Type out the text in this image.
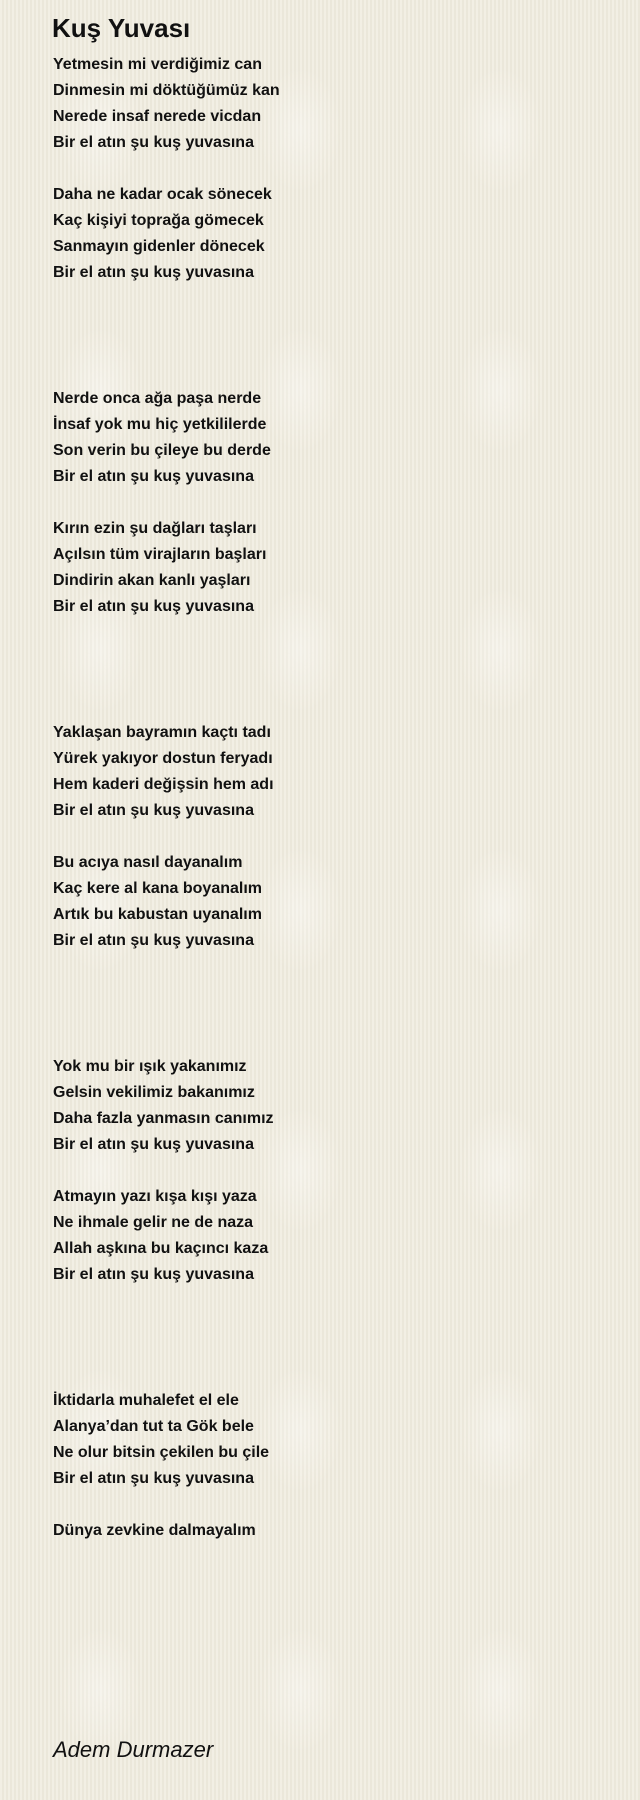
Kuş Yuvası
Yetmesin mi verdiğimiz can
Dinmesin mi döktüğümüz kan
Nerede insaf nerede vicdan
Bir el atın şu kuş yuvasına
Daha ne kadar ocak sönecek
Kaç kişiyi toprağa gömecek
Sanmayın gidenler dönecek
Bir el atın şu kuş yuvasına
Nerde onca ağa paşa nerde
İnsaf yok mu hiç yetkililerde
Son verin bu çileye bu derde
Bir el atın şu kuş yuvasına
Kırın ezin şu dağları taşları
Açılsın tüm virajların başları
Dindirin akan kanlı yaşları
Bir el atın şu kuş yuvasına
Yaklaşan bayramın kaçtı tadı
Yürek yakıyor dostun feryadı
Hem kaderi değişsin hem adı
Bir el atın şu kuş yuvasına
Bu acıya nasıl dayanalım
Kaç kere al kana boyanalım
Artık bu kabustan uyanalım
Bir el atın şu kuş yuvasına
Yok mu bir ışık yakanımız
Gelsin vekilimiz bakanımız
Daha fazla yanmasın canımız
Bir el atın şu kuş yuvasına
Atmayın yazı kışa kışı yaza
Ne ihmale gelir ne de naza
Allah aşkına bu kaçıncı kaza
Bir el atın şu kuş yuvasına
İktidarla muhalefet el ele
Alanya’dan tut ta Gök bele
Ne olur bitsin çekilen bu çile
Bir el atın şu kuş yuvasına
Dünya zevkine dalmayalım
Adem Durmazer
